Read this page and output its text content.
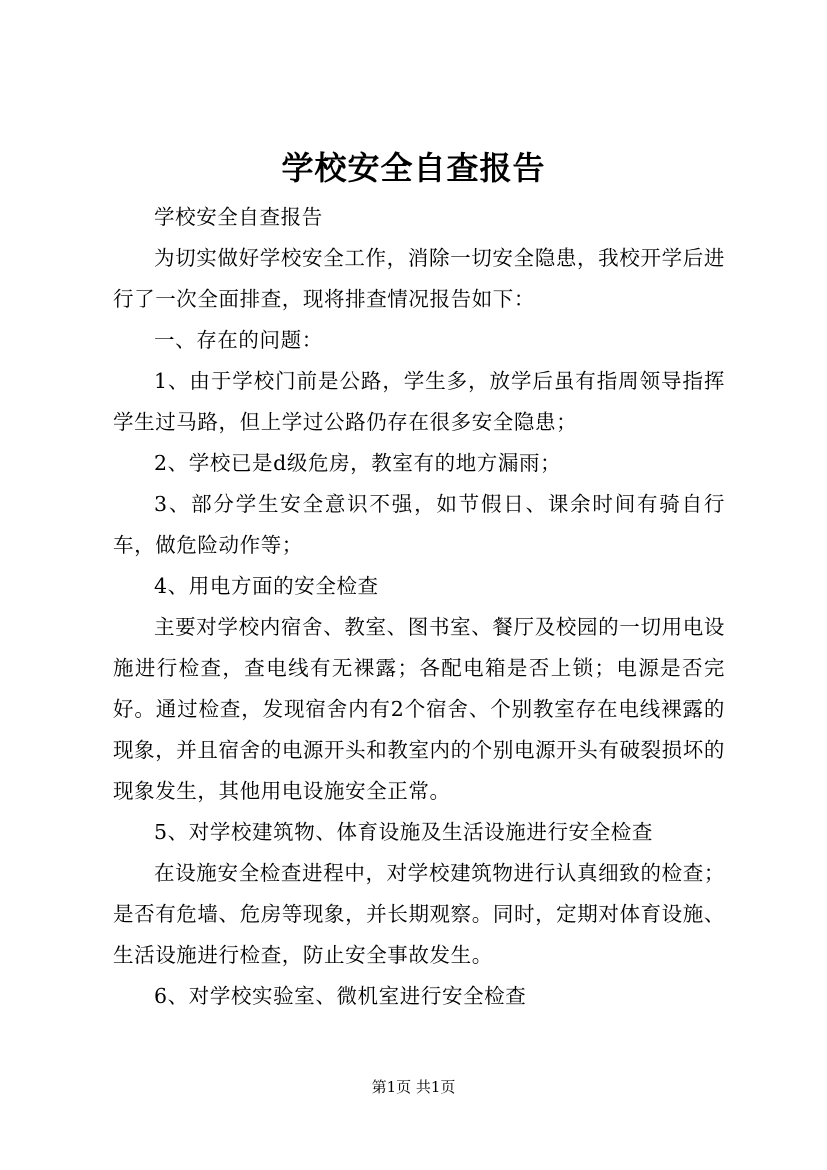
学校安全自查报告

学校安全自查报告

为切实做好学校安全工作，消除一切安全隐患，我校开学后进行了一次全面排查，现将排查情况报告如下：

一、存在的问题：

1、由于学校门前是公路，学生多，放学后虽有指周领导指挥学生过马路，但上学过公路仍存在很多安全隐患；

2、学校已是d级危房，教室有的地方漏雨；

3、部分学生安全意识不强，如节假日、课余时间有骑自行车，做危险动作等；

4、用电方面的安全检查

主要对学校内宿舍、教室、图书室、餐厅及校园的一切用电设施进行检查，查电线有无裸露；各配电箱是否上锁；电源是否完好。通过检查，发现宿舍内有2个宿舍、个别教室存在电线裸露的现象，并且宿舍的电源开头和教室内的个别电源开头有破裂损坏的现象发生，其他用电设施安全正常。

5、对学校建筑物、体育设施及生活设施进行安全检查

在设施安全检查进程中，对学校建筑物进行认真细致的检查；是否有危墙、危房等现象，并长期观察。同时，定期对体育设施、生活设施进行检查，防止安全事故发生。

6、对学校实验室、微机室进行安全检查

第1页 共1页
